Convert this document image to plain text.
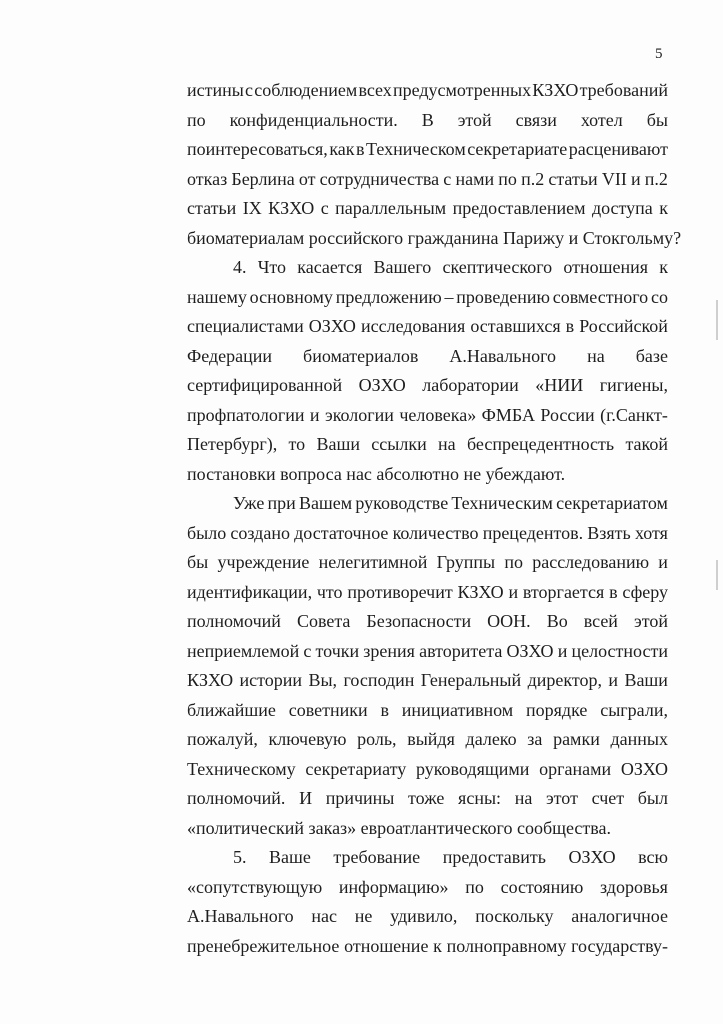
5
истины с соблюдением всех предусмотренных КЗХО требований
по конфиденциальности. В этой связи хотел бы
поинтересоваться, как в Техническом секретариате расценивают
отказ Берлина от сотрудничества с нами по п.2 статьи VII и п.2
статьи IX КЗХО с параллельным предоставлением доступа к
биоматериалам российского гражданина Парижу и Стокгольму?
4. Что касается Вашего скептического отношения к
нашему основному предложению – проведению совместного со
специалистами ОЗХО исследования оставшихся в Российской
Федерации биоматериалов А.Навального на базе
сертифицированной ОЗХО лаборатории «НИИ гигиены,
профпатологии и экологии человека» ФМБА России (г.Санкт-
Петербург), то Ваши ссылки на беспрецедентность такой
постановки вопроса нас абсолютно не убеждают.
Уже при Вашем руководстве Техническим секретариатом
было создано достаточное количество прецедентов. Взять хотя
бы учреждение нелегитимной Группы по расследованию и
идентификации, что противоречит КЗХО и вторгается в сферу
полномочий Совета Безопасности ООН. Во всей этой
неприемлемой с точки зрения авторитета ОЗХО и целостности
КЗХО истории Вы, господин Генеральный директор, и Ваши
ближайшие советники в инициативном порядке сыграли,
пожалуй, ключевую роль, выйдя далеко за рамки данных
Техническому секретариату руководящими органами ОЗХО
полномочий. И причины тоже ясны: на этот счет был
«политический заказ» евроатлантического сообщества.
5. Ваше требование предоставить ОЗХО всю
«сопутствующую информацию» по состоянию здоровья
А.Навального нас не удивило, поскольку аналогичное
пренебрежительное отношение к полноправному государству-
